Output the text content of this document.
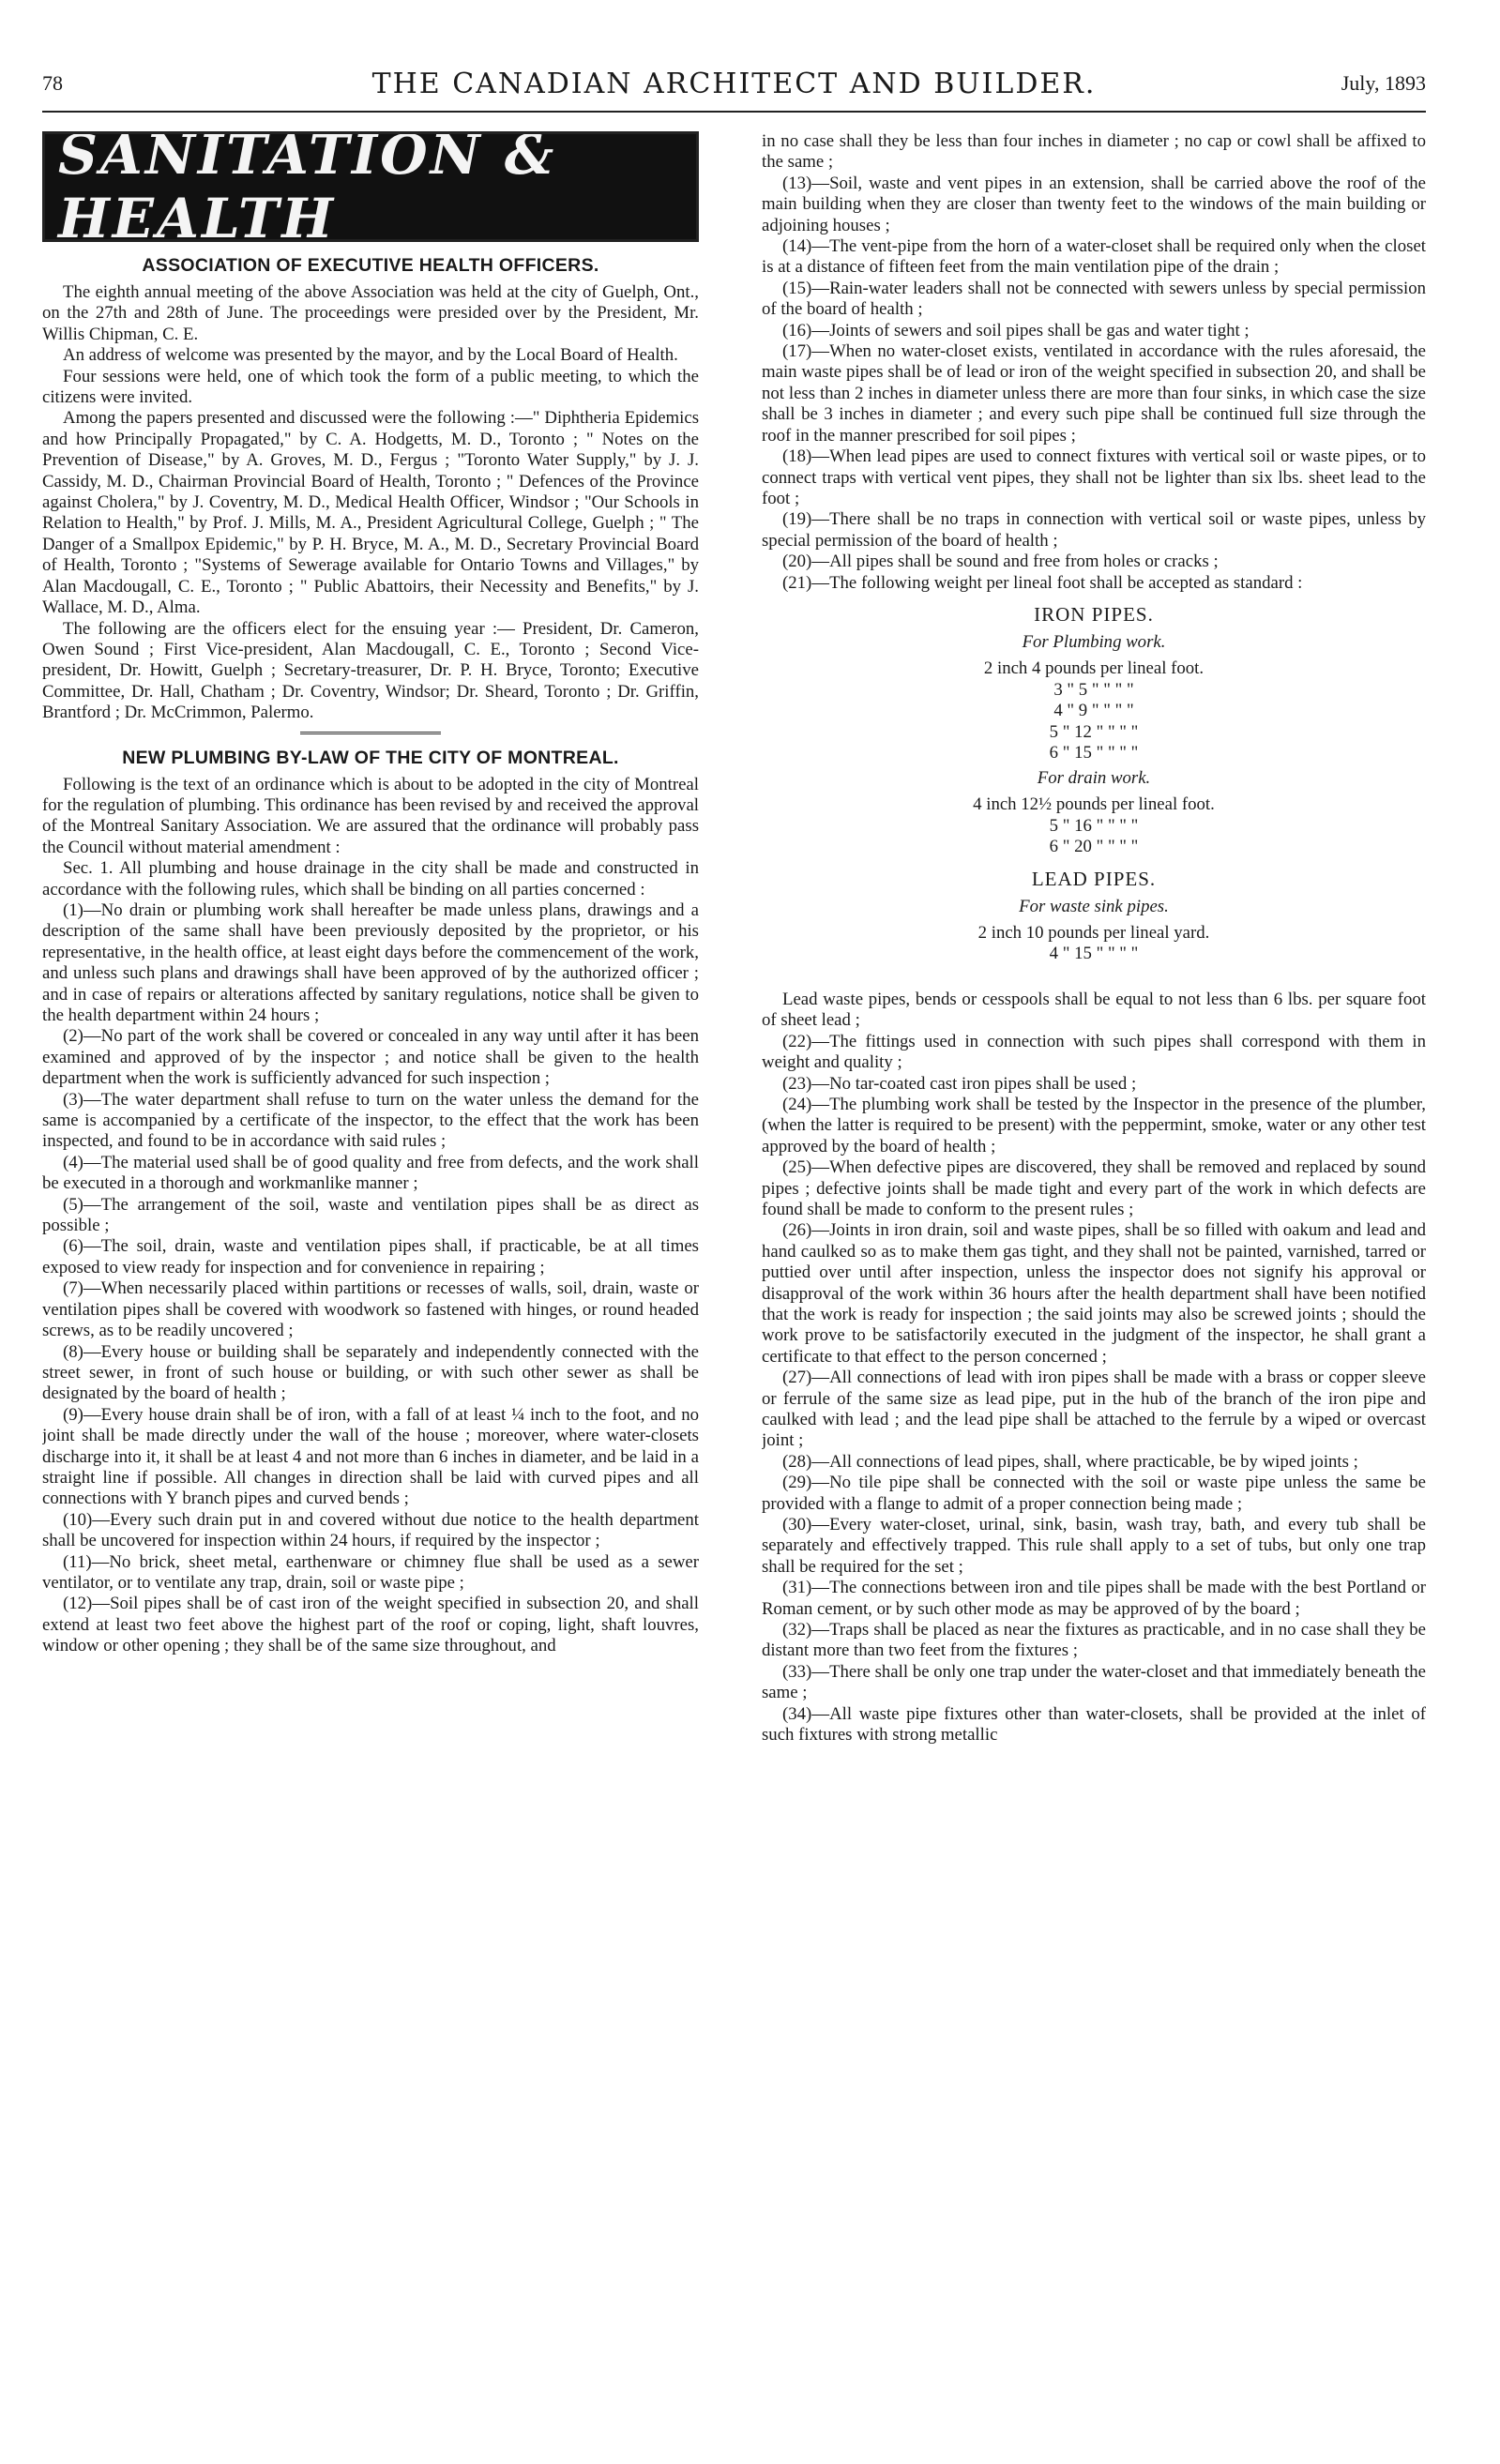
78	THE CANADIAN ARCHITECT AND BUILDER.	July, 1893
SANITATION & HEALTH
ASSOCIATION OF EXECUTIVE HEALTH OFFICERS.

The eighth annual meeting of the above Association was held at the city of Guelph, Ont., on the 27th and 28th of June. The proceedings were presided over by the President, Mr. Willis Chipman, C. E.

An address of welcome was presented by the mayor, and by the Local Board of Health.

Four sessions were held, one of which took the form of a public meeting, to which the citizens were invited.

Among the papers presented and discussed were the following :—" Diphtheria Epidemics and how Principally Propagated," by C. A. Hodgetts, M. D., Toronto ; " Notes on the Prevention of Disease," by A. Groves, M. D., Fergus ; "Toronto Water Supply," by J. J. Cassidy, M. D., Chairman Provincial Board of Health, Toronto ; " Defences of the Province against Cholera," by J. Coventry, M. D., Medical Health Officer, Windsor ; "Our Schools in Relation to Health," by Prof. J. Mills, M. A., President Agricultural College, Guelph ; " The Danger of a Smallpox Epidemic," by P. H. Bryce, M. A., M. D., Secretary Provincial Board of Health, Toronto ; "Systems of Sewerage available for Ontario Towns and Villages," by Alan Macdougall, C. E., Toronto ; " Public Abattoirs, their Necessity and Benefits," by J. Wallace, M. D., Alma.

The following are the officers elect for the ensuing year :— President, Dr. Cameron, Owen Sound ; First Vice-president, Alan Macdougall, C. E., Toronto ; Second Vice-president, Dr. Howitt, Guelph ; Secretary-treasurer, Dr. P. H. Bryce, Toronto; Executive Committee, Dr. Hall, Chatham ; Dr. Coventry, Windsor; Dr. Sheard, Toronto ; Dr. Griffin, Brantford ; Dr. McCrimmon, Palermo.

NEW PLUMBING BY-LAW OF THE CITY OF MONTREAL.

Following is the text of an ordinance which is about to be adopted in the city of Montreal for the regulation of plumbing. This ordinance has been revised by and received the approval of the Montreal Sanitary Association. We are assured that the ordinance will probably pass the Council without material amendment :

Sec. 1. All plumbing and house drainage in the city shall be made and constructed in accordance with the following rules, which shall be binding on all parties concerned :

(1)—No drain or plumbing work shall hereafter be made unless plans, drawings and a description of the same shall have been previously deposited by the proprietor, or his representative, in the health office, at least eight days before the commencement of the work, and unless such plans and drawings shall have been approved of by the authorized officer ; and in case of repairs or alterations affected by sanitary regulations, notice shall be given to the health department within 24 hours ;

(2)—No part of the work shall be covered or concealed in any way until after it has been examined and approved of by the inspector ; and notice shall be given to the health department when the work is sufficiently advanced for such inspection ;

(3)—The water department shall refuse to turn on the water unless the demand for the same is accompanied by a certificate of the inspector, to the effect that the work has been inspected, and found to be in accordance with said rules ;

(4)—The material used shall be of good quality and free from defects, and the work shall be executed in a thorough and workmanlike manner ;

(5)—The arrangement of the soil, waste and ventilation pipes shall be as direct as possible ;

(6)—The soil, drain, waste and ventilation pipes shall, if practicable, be at all times exposed to view ready for inspection and for convenience in repairing ;

(7)—When necessarily placed within partitions or recesses of walls, soil, drain, waste or ventilation pipes shall be covered with woodwork so fastened with hinges, or round headed screws, as to be readily uncovered ;

(8)—Every house or building shall be separately and independently connected with the street sewer, in front of such house or building, or with such other sewer as shall be designated by the board of health ;

(9)—Every house drain shall be of iron, with a fall of at least ¼ inch to the foot, and no joint shall be made directly under the wall of the house ; moreover, where water-closets discharge into it, it shall be at least 4 and not more than 6 inches in diameter, and be laid in a straight line if possible. All changes in direction shall be laid with curved pipes and all connections with Y branch pipes and curved bends ;

(10)—Every such drain put in and covered without due notice to the health department shall be uncovered for inspection within 24 hours, if required by the inspector ;

(11)—No brick, sheet metal, earthenware or chimney flue shall be used as a sewer ventilator, or to ventilate any trap, drain, soil or waste pipe ;

(12)—Soil pipes shall be of cast iron of the weight specified in subsection 20, and shall extend at least two feet above the highest part of the roof or coping, light, shaft louvres, window or other opening ; they shall be of the same size throughout, and

in no case shall they be less than four inches in diameter ; no cap or cowl shall be affixed to the same ;

(13)—Soil, waste and vent pipes in an extension, shall be carried above the roof of the main building when they are closer than twenty feet to the windows of the main building or adjoining houses ;

(14)—The vent-pipe from the horn of a water-closet shall be required only when the closet is at a distance of fifteen feet from the main ventilation pipe of the drain ;

(15)—Rain-water leaders shall not be connected with sewers unless by special permission of the board of health ;

(16)—Joints of sewers and soil pipes shall be gas and water tight ;

(17)—When no water-closet exists, ventilated in accordance with the rules aforesaid, the main waste pipes shall be of lead or iron of the weight specified in subsection 20, and shall be not less than 2 inches in diameter unless there are more than four sinks, in which case the size shall be 3 inches in diameter ; and every such pipe shall be continued full size through the roof in the manner prescribed for soil pipes ;

(18)—When lead pipes are used to connect fixtures with vertical soil or waste pipes, or to connect traps with vertical vent pipes, they shall not be lighter than six lbs. sheet lead to the foot ;

(19)—There shall be no traps in connection with vertical soil or waste pipes, unless by special permission of the board of health ;

(20)—All pipes shall be sound and free from holes or cracks ;

(21)—The following weight per lineal foot shall be accepted as standard :

IRON PIPES.
For Plumbing work.
2 inch 4 pounds per lineal foot.
3 " 5 " " " "
4 " 9 " " " "
5 " 12 " " " "
6 " 15 " " " "
For drain work.
4 inch 12½ pounds per lineal foot.
5 " 16 " " " "
6 " 20 " " " "
LEAD PIPES.
For waste sink pipes.
2 inch 10 pounds per lineal yard.
4 " 15 " " " "

Lead waste pipes, bends or cesspools shall be equal to not less than 6 lbs. per square foot of sheet lead ;

(22)—The fittings used in connection with such pipes shall correspond with them in weight and quality ;

(23)—No tar-coated cast iron pipes shall be used ;

(24)—The plumbing work shall be tested by the Inspector in the presence of the plumber, (when the latter is required to be present) with the peppermint, smoke, water or any other test approved by the board of health ;

(25)—When defective pipes are discovered, they shall be removed and replaced by sound pipes ; defective joints shall be made tight and every part of the work in which defects are found shall be made to conform to the present rules ;

(26)—Joints in iron drain, soil and waste pipes, shall be so filled with oakum and lead and hand caulked so as to make them gas tight, and they shall not be painted, varnished, tarred or puttied over until after inspection, unless the inspector does not signify his approval or disapproval of the work within 36 hours after the health department shall have been notified that the work is ready for inspection ; the said joints may also be screwed joints ; should the work prove to be satisfactorily executed in the judgment of the inspector, he shall grant a certificate to that effect to the person concerned ;

(27)—All connections of lead with iron pipes shall be made with a brass or copper sleeve or ferrule of the same size as lead pipe, put in the hub of the branch of the iron pipe and caulked with lead ; and the lead pipe shall be attached to the ferrule by a wiped or overcast joint ;

(28)—All connections of lead pipes, shall, where practicable, be by wiped joints ;

(29)—No tile pipe shall be connected with the soil or waste pipe unless the same be provided with a flange to admit of a proper connection being made ;

(30)—Every water-closet, urinal, sink, basin, wash tray, bath, and every tub shall be separately and effectively trapped. This rule shall apply to a set of tubs, but only one trap shall be required for the set ;

(31)—The connections between iron and tile pipes shall be made with the best Portland or Roman cement, or by such other mode as may be approved of by the board ;

(32)—Traps shall be placed as near the fixtures as practicable, and in no case shall they be distant more than two feet from the fixtures ;

(33)—There shall be only one trap under the water-closet and that immediately beneath the same ;

(34)—All waste pipe fixtures other than water-closets, shall be provided at the inlet of such fixtures with strong metallic
